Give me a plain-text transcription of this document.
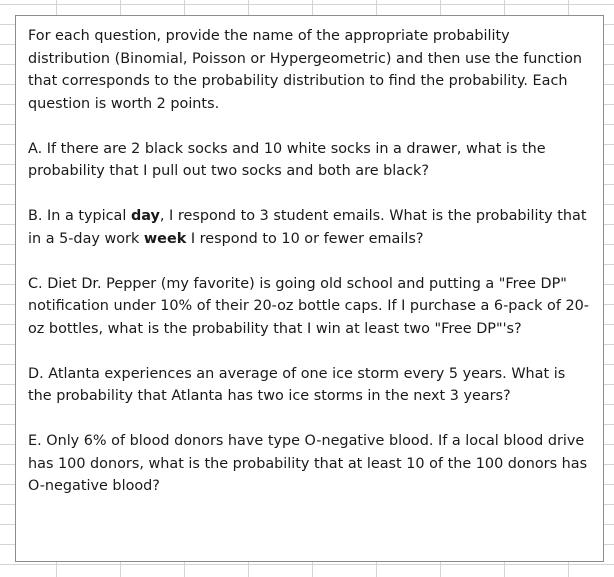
For each question, provide the name of the appropriate probability distribution (Binomial, Poisson or Hypergeometric) and then use the function that corresponds to the probability distribution to find the probability. Each question is worth 2 points.

A. If there are 2 black socks and 10 white socks in a drawer, what is the probability that I pull out two socks and both are black?

B. In a typical day, I respond to 3 student emails. What is the probability that in a 5-day work week I respond to 10 or fewer emails?

C. Diet Dr. Pepper (my favorite) is going old school and putting a "Free DP" notification under 10% of their 20-oz bottle caps. If I purchase a 6-pack of 20-oz bottles, what is the probability that I win at least two "Free DP"'s?

D. Atlanta experiences an average of one ice storm every 5 years. What is the probability that Atlanta has two ice storms in the next 3 years?

E. Only 6% of blood donors have type O-negative blood. If a local blood drive has 100 donors, what is the probability that at least 10 of the 100 donors has O-negative blood?
